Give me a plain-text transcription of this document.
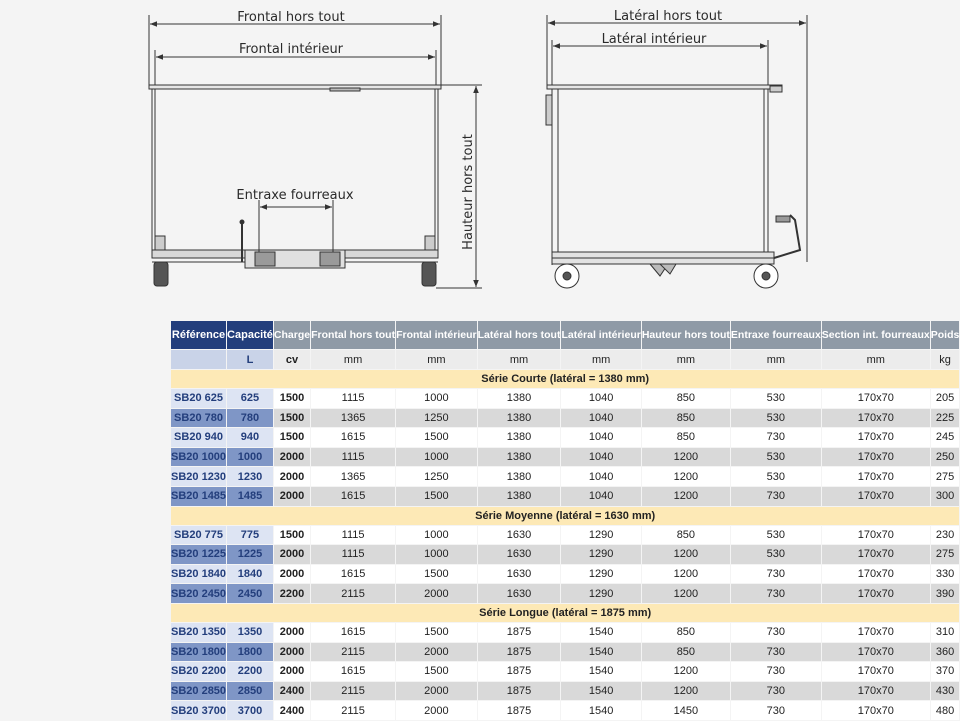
Frontal hors tout
Frontal intérieur
Entraxe fourreaux	Hauteur hors tout
Latéral hors tout
Latéral intérieur
Référence	Capacité	Charge	Frontal hors tout	Frontal intérieur	Latéral hors tout	Latéral intérieur	Hauteur hors tout	Entraxe fourreaux	Section int. fourreaux	Poids
	L	cv	mm	mm	mm	mm	mm	mm	mm	kg
Série Courte (latéral = 1380 mm)										
SB20 625	625	1500	1115	1000	1380	1040	850	530	170x70	205
SB20 780	780	1500	1365	1250	1380	1040	850	530	170x70	225
SB20 940	940	1500	1615	1500	1380	1040	850	730	170x70	245
SB20 1000	1000	2000	1115	1000	1380	1040	1200	530	170x70	250
SB20 1230	1230	2000	1365	1250	1380	1040	1200	530	170x70	275
SB20 1485	1485	2000	1615	1500	1380	1040	1200	730	170x70	300
Série Moyenne (latéral = 1630 mm)										
SB20 775	775	1500	1115	1000	1630	1290	850	530	170x70	230
SB20 1225	1225	2000	1115	1000	1630	1290	1200	530	170x70	275
SB20 1840	1840	2000	1615	1500	1630	1290	1200	730	170x70	330
SB20 2450	2450	2200	2115	2000	1630	1290	1200	730	170x70	390
Série Longue (latéral = 1875 mm)										
SB20 1350	1350	2000	1615	1500	1875	1540	850	730	170x70	310
SB20 1800	1800	2000	2115	2000	1875	1540	850	730	170x70	360
SB20 2200	2200	2000	1615	1500	1875	1540	1200	730	170x70	370
SB20 2850	2850	2400	2115	2000	1875	1540	1200	730	170x70	430
SB20 3700	3700	2400	2115	2000	1875	1540	1450	730	170x70	480
